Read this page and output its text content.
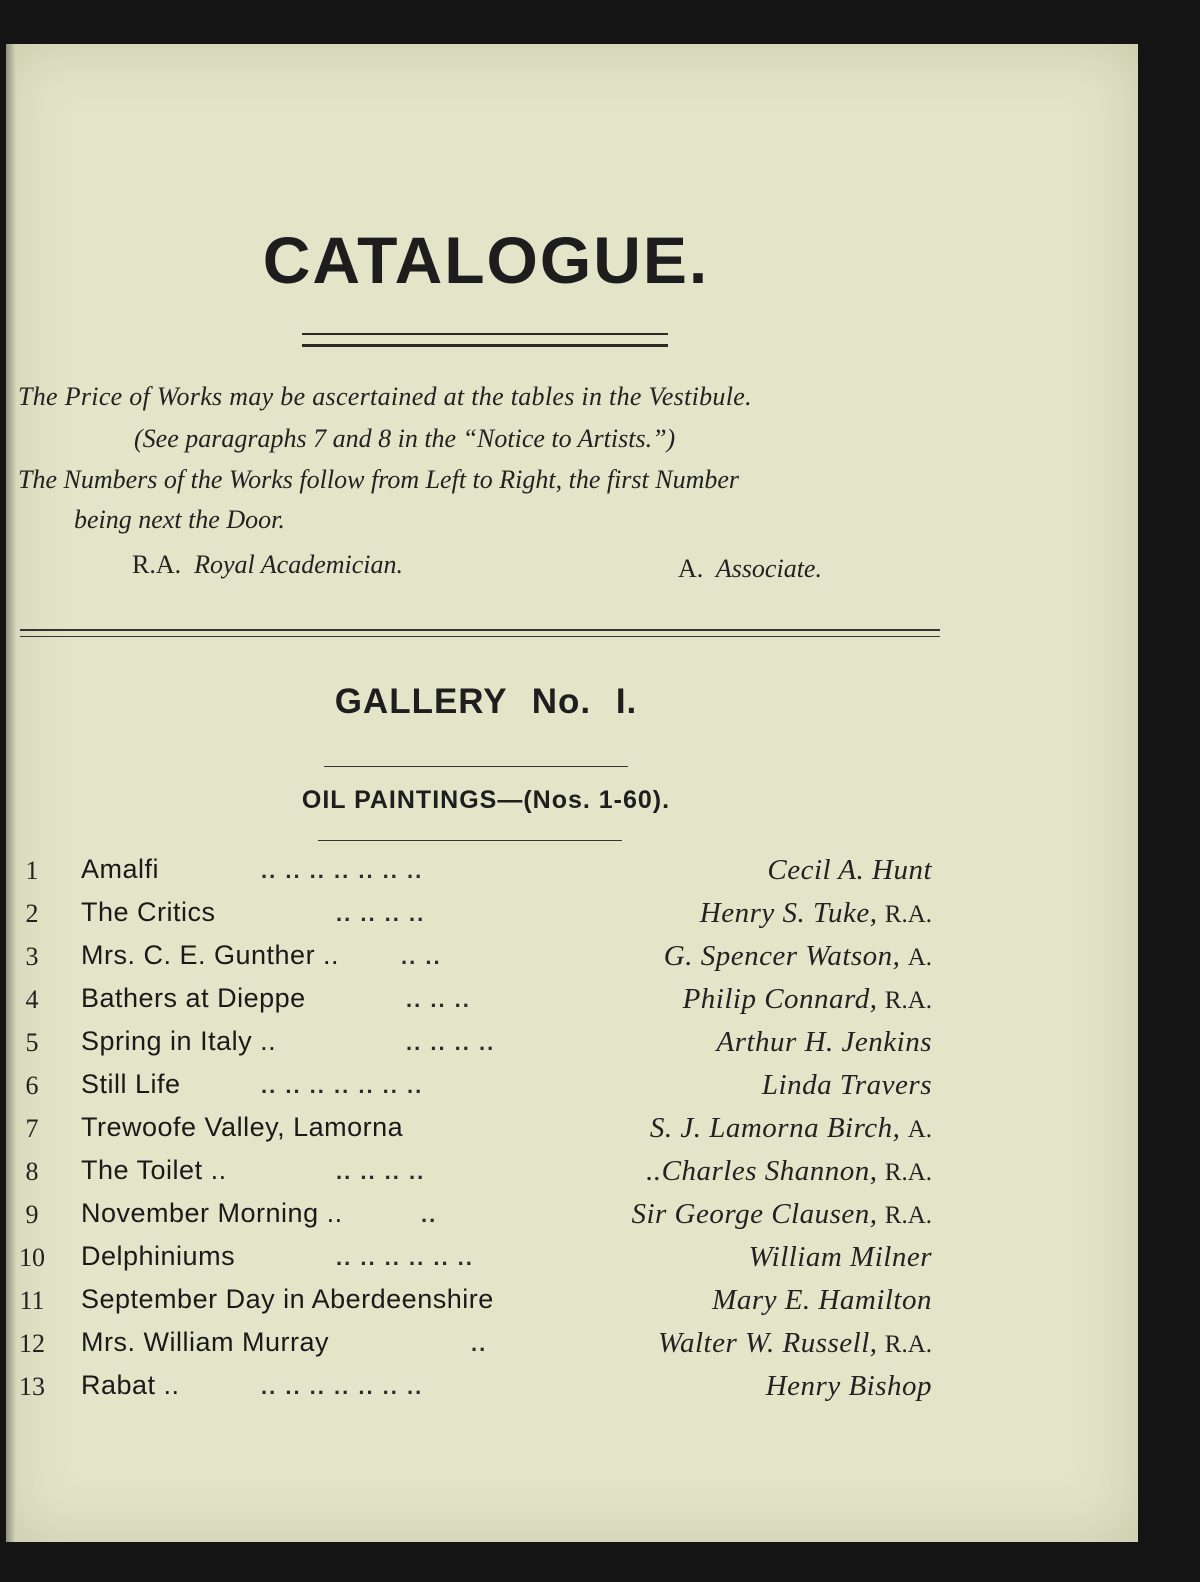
CATALOGUE.
The Price of Works may be ascertained at the tables in the Vestibule.
(See paragraphs 7 and 8 in the “Notice to Artists.”)
The Numbers of the Works follow from Left to Right, the first Number
being next the Door.
R.A. Royal Academician.	A. Associate.
GALLERY No. I.
OIL PAINTINGS—(Nos. 1-60).
1	Amalfi	.. .. .. .. .. .. ..	Cecil A. Hunt
2	The Critics	.. .. .. ..	Henry S. Tuke, R.A.
3	Mrs. C. E. Gunther ..	.. ..	G. Spencer Watson, A.
4	Bathers at Dieppe	.. .. ..	Philip Connard, R.A.
5	Spring in Italy ..	.. .. .. ..	Arthur H. Jenkins
6	Still Life	.. .. .. .. .. .. ..	Linda Travers
7	Trewoofe Valley, Lamorna	S. J. Lamorna Birch, A.
8	The Toilet ..	.. .. .. ..	..Charles Shannon, R.A.
9	November Morning ..	..	Sir George Clausen, R.A.
10	Delphiniums	.. .. .. .. .. ..	William Milner
11	September Day in Aberdeenshire	Mary E. Hamilton
12	Mrs. William Murray	..	Walter W. Russell, R.A.
13	Rabat ..	.. .. .. .. .. .. ..	Henry Bishop
